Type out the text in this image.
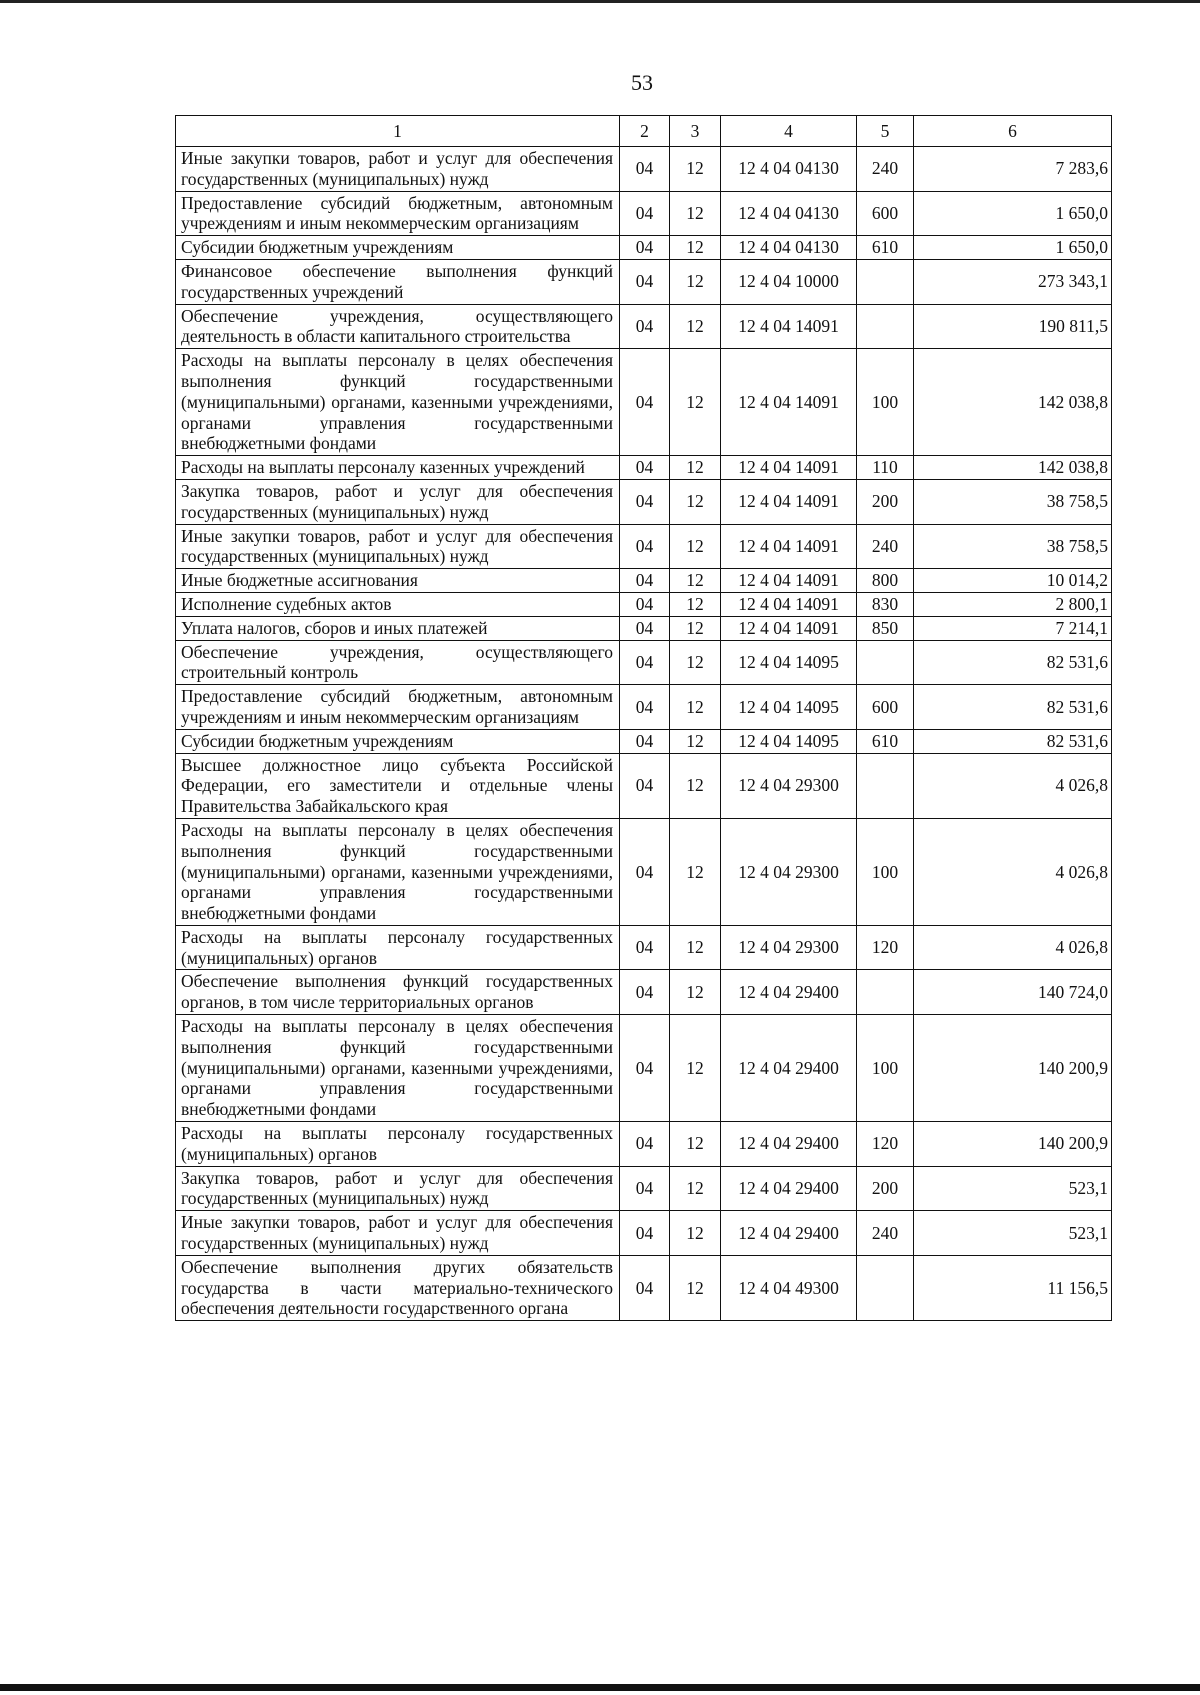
53
1	2	3	4	5	6
Иные закупки товаров, работ и услуг для обеспечения государственных (муниципальных) нужд	04	12	12 4 04 04130	240	7 283,6
Предоставление субсидий бюджетным, автономным учреждениям и иным некоммерческим организациям	04	12	12 4 04 04130	600	1 650,0
Субсидии бюджетным учреждениям	04	12	12 4 04 04130	610	1 650,0
Финансовое обеспечение выполнения функций государственных учреждений	04	12	12 4 04 10000		273 343,1
Обеспечение учреждения, осуществляющего деятельность в области капитального строительства	04	12	12 4 04 14091		190 811,5
Расходы на выплаты персоналу в целях обеспечения выполнения функций государственными (муниципальными) органами, казенными учреждениями, органами управления государственными внебюджетными фондами	04	12	12 4 04 14091	100	142 038,8
Расходы на выплаты персоналу казенных учреждений	04	12	12 4 04 14091	110	142 038,8
Закупка товаров, работ и услуг для обеспечения государственных (муниципальных) нужд	04	12	12 4 04 14091	200	38 758,5
Иные закупки товаров, работ и услуг для обеспечения государственных (муниципальных) нужд	04	12	12 4 04 14091	240	38 758,5
Иные бюджетные ассигнования	04	12	12 4 04 14091	800	10 014,2
Исполнение судебных актов	04	12	12 4 04 14091	830	2 800,1
Уплата налогов, сборов и иных платежей	04	12	12 4 04 14091	850	7 214,1
Обеспечение учреждения, осуществляющего строительный контроль	04	12	12 4 04 14095		82 531,6
Предоставление субсидий бюджетным, автономным учреждениям и иным некоммерческим организациям	04	12	12 4 04 14095	600	82 531,6
Субсидии бюджетным учреждениям	04	12	12 4 04 14095	610	82 531,6
Высшее должностное лицо субъекта Российской Федерации, его заместители и отдельные члены Правительства Забайкальского края	04	12	12 4 04 29300		4 026,8
Расходы на выплаты персоналу в целях обеспечения выполнения функций государственными (муниципальными) органами, казенными учреждениями, органами управления государственными внебюджетными фондами	04	12	12 4 04 29300	100	4 026,8
Расходы на выплаты персоналу государственных (муниципальных) органов	04	12	12 4 04 29300	120	4 026,8
Обеспечение выполнения функций государственных органов, в том числе территориальных органов	04	12	12 4 04 29400		140 724,0
Расходы на выплаты персоналу в целях обеспечения выполнения функций государственными (муниципальными) органами, казенными учреждениями, органами управления государственными внебюджетными фондами	04	12	12 4 04 29400	100	140 200,9
Расходы на выплаты персоналу государственных (муниципальных) органов	04	12	12 4 04 29400	120	140 200,9
Закупка товаров, работ и услуг для обеспечения государственных (муниципальных) нужд	04	12	12 4 04 29400	200	523,1
Иные закупки товаров, работ и услуг для обеспечения государственных (муниципальных) нужд	04	12	12 4 04 29400	240	523,1
Обеспечение выполнения других обязательств государства в части материально-технического обеспечения деятельности государственного органа	04	12	12 4 04 49300		11 156,5
